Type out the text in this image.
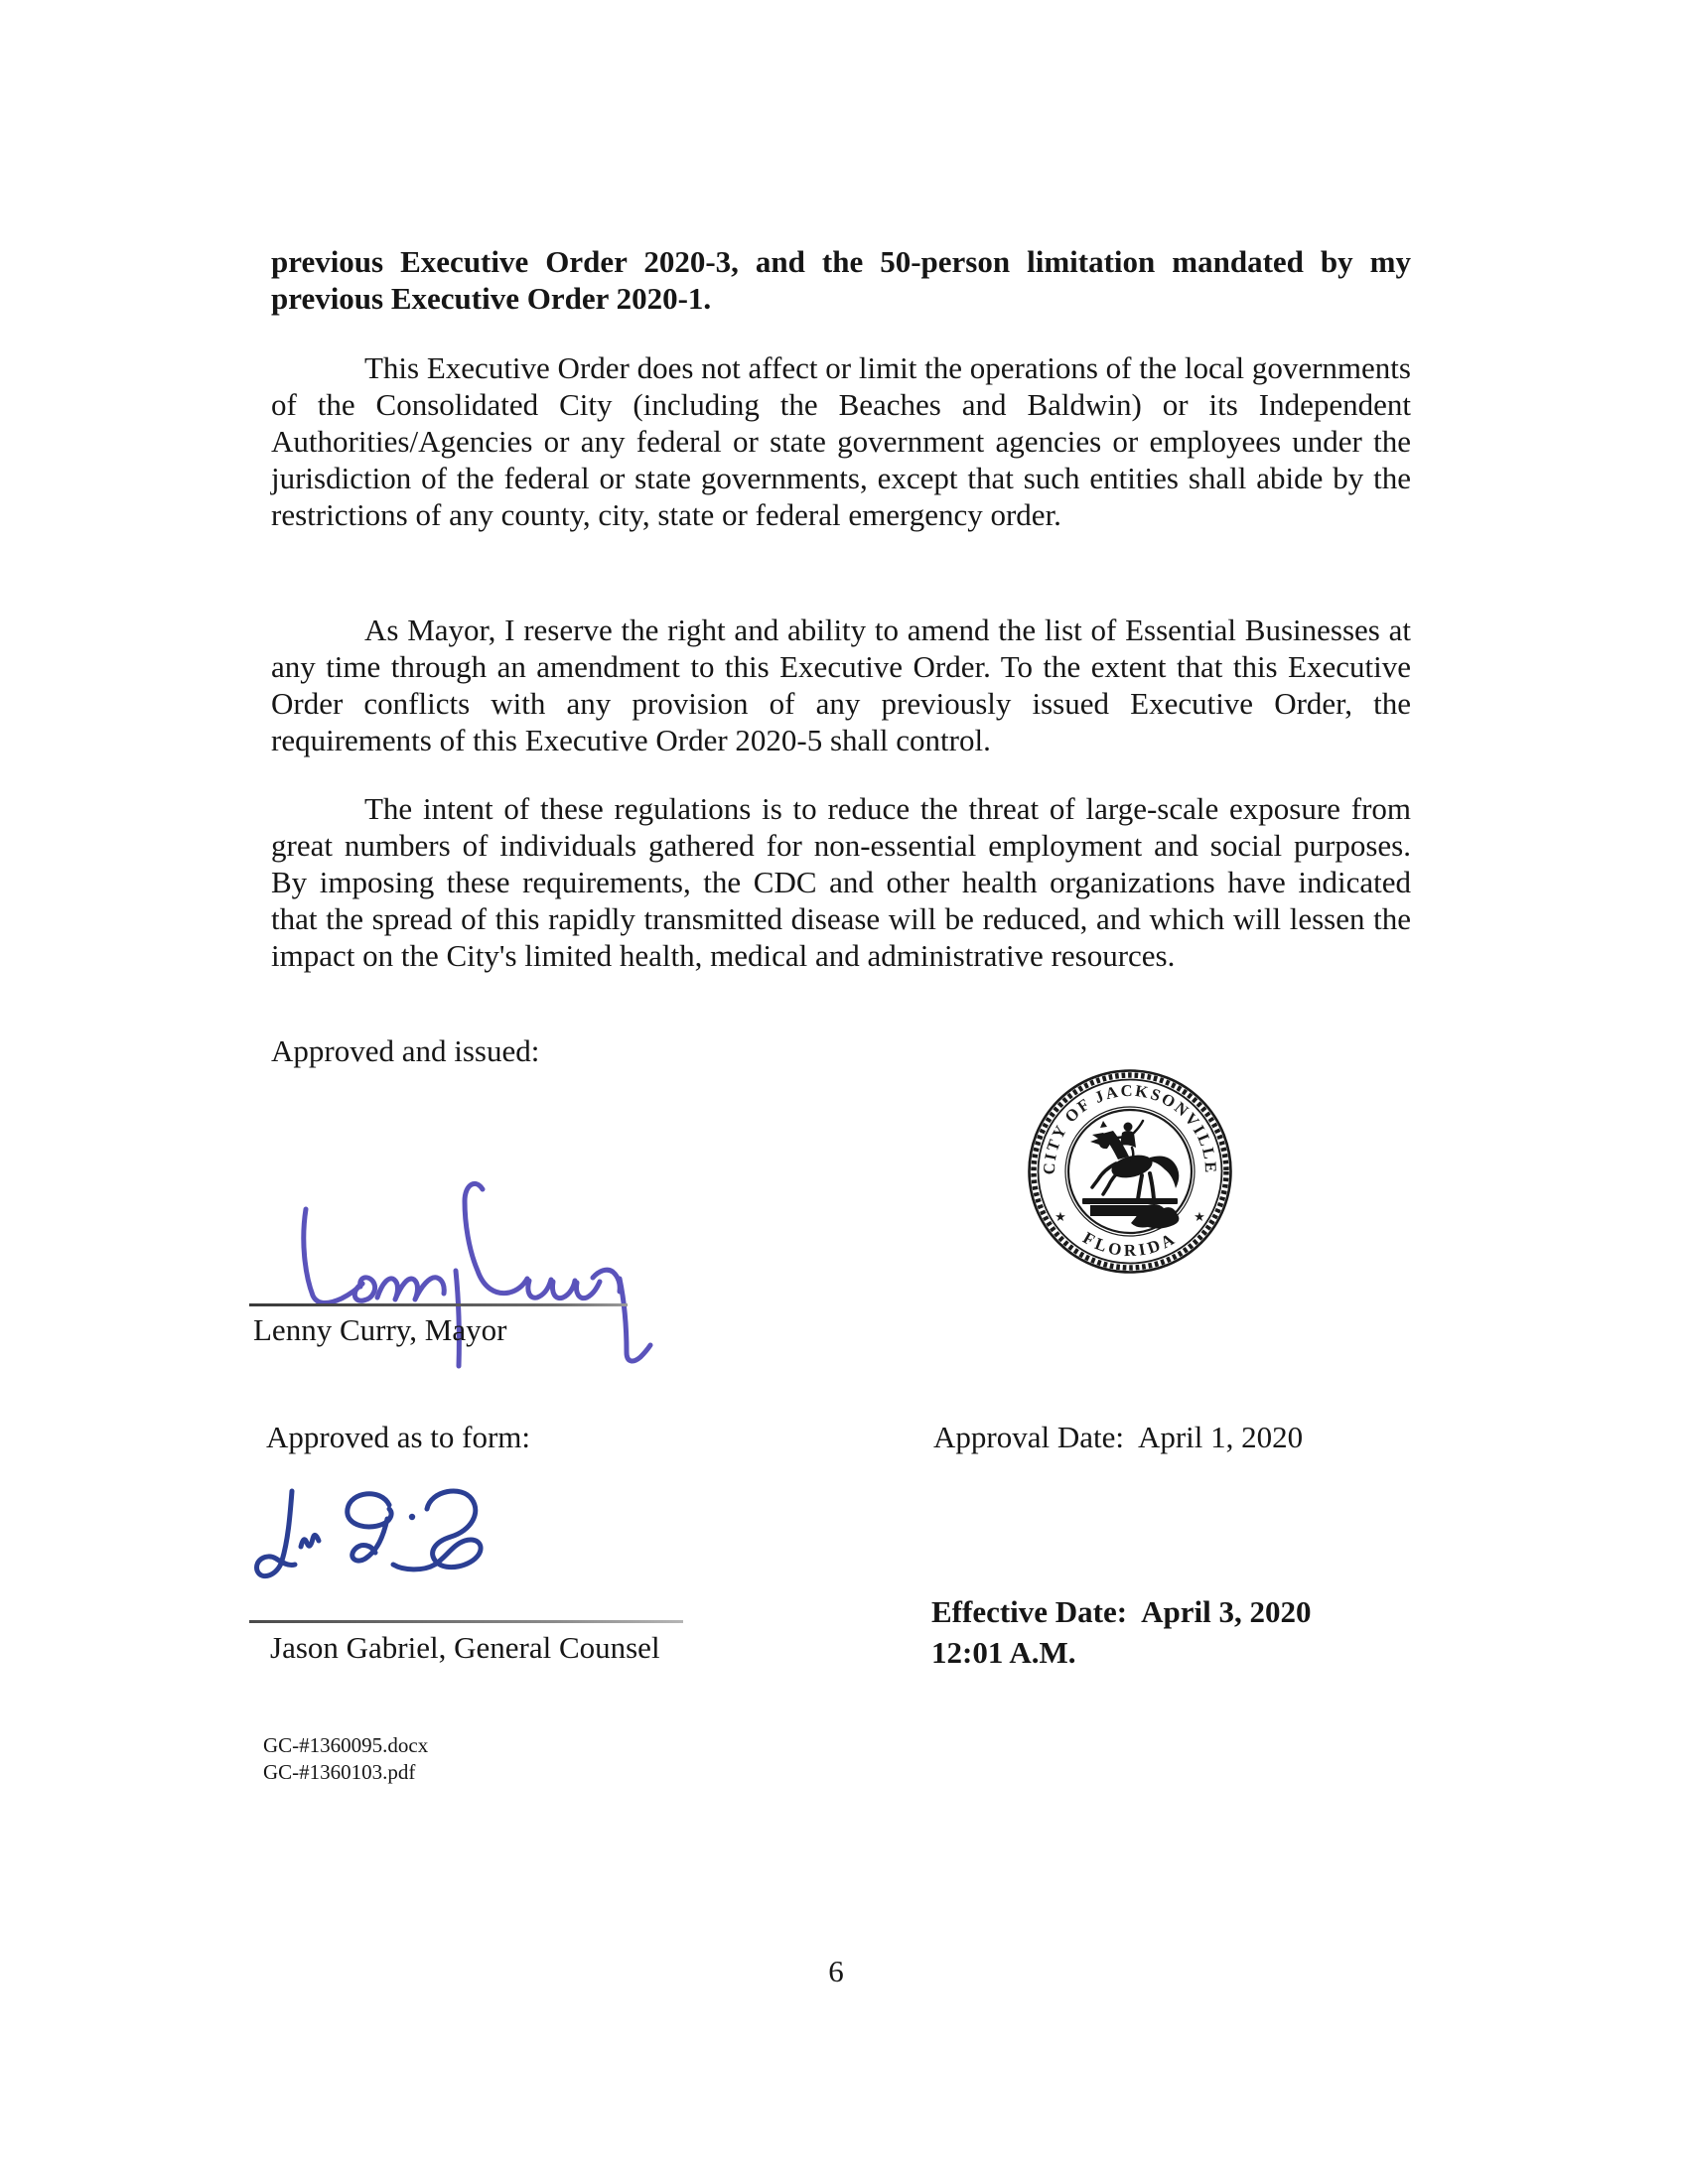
previous Executive Order 2020-3, and the 50-person limitation mandated by my previous Executive Order 2020-1.
This Executive Order does not affect or limit the operations of the local governments of the Consolidated City (including the Beaches and Baldwin) or its Independent Authorities/Agencies or any federal or state government agencies or employees under the jurisdiction of the federal or state governments, except that such entities shall abide by the restrictions of any county, city, state or federal emergency order.
As Mayor, I reserve the right and ability to amend the list of Essential Businesses at any time through an amendment to this Executive Order. To the extent that this Executive Order conflicts with any provision of any previously issued Executive Order, the requirements of this Executive Order 2020-5 shall control.
The intent of these regulations is to reduce the threat of large-scale exposure from great numbers of individuals gathered for non-essential employment and social purposes. By imposing these requirements, the CDC and other health organizations have indicated that the spread of this rapidly transmitted disease will be reduced, and which will lessen the impact on the City's limited health, medical and administrative resources.
Approved and issued:
CITY OF JACKSONVILLE
FLORIDA
★	★
Lenny Curry, Mayor
Approved as to form:	Approval Date: April 1, 2020
Jason Gabriel, General Counsel
Effective Date: April 3, 2020
12:01 A.M.
GC-#1360095.docx
GC-#1360103.pdf
6
